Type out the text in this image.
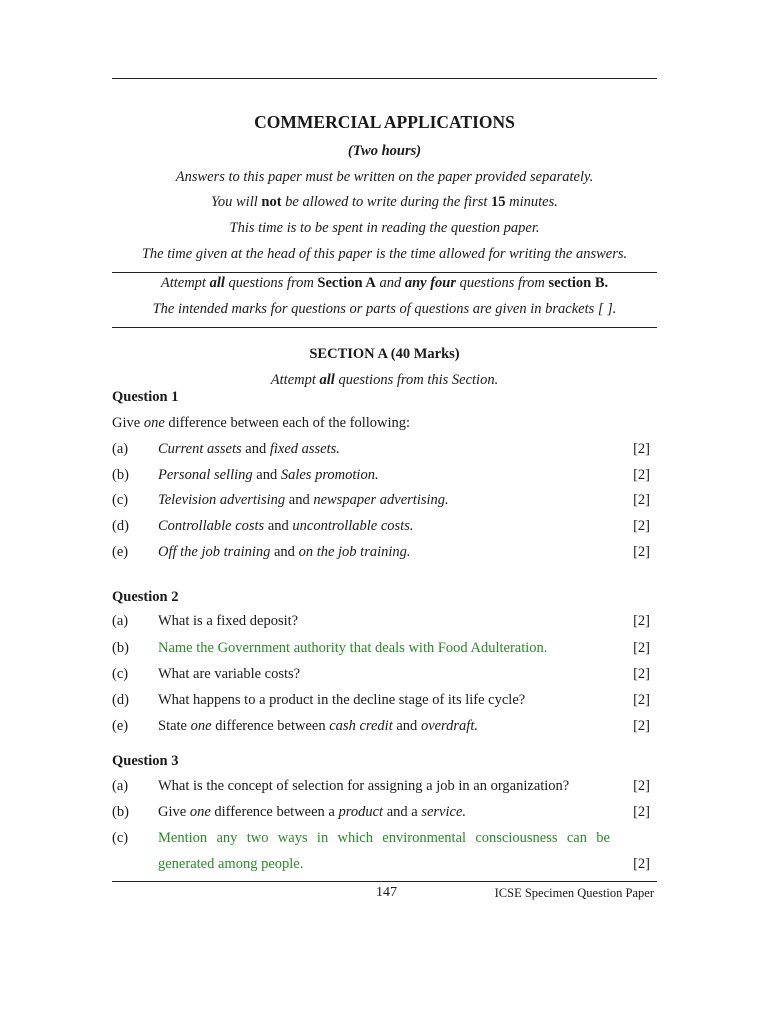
COMMERCIAL APPLICATIONS
(Two hours)
Answers to this paper must be written on the paper provided separately.
You will not be allowed to write during the first 15 minutes.
This time is to be spent in reading the question paper.
The time given at the head of this paper is the time allowed for writing the answers.
Attempt all questions from Section A and any four questions from section B.
The intended marks for questions or parts of questions are given in brackets [ ].
SECTION A (40 Marks)
Attempt all questions from this Section.
Question 1
Give one difference between each of the following:
(a) Current assets and fixed assets.	[2]
(b) Personal selling and Sales promotion.	[2]
(c) Television advertising and newspaper advertising.	[2]
(d) Controllable costs and uncontrollable costs.	[2]
(e) Off the job training and on the job training.	[2]
Question 2
(a) What is a fixed deposit?	[2]
(b) Name the Government authority that deals with Food Adulteration.	[2]
(c) What are variable costs?	[2]
(d) What happens to a product in the decline stage of its life cycle?	[2]
(e) State one difference between cash credit and overdraft.	[2]
Question 3
(a) What is the concept of selection for assigning a job in an organization?	[2]
(b) Give one difference between a product and a service.	[2]
(c) Mention any two ways in which environmental consciousness can be
generated among people.	[2]
147	ICSE Specimen Question Paper
